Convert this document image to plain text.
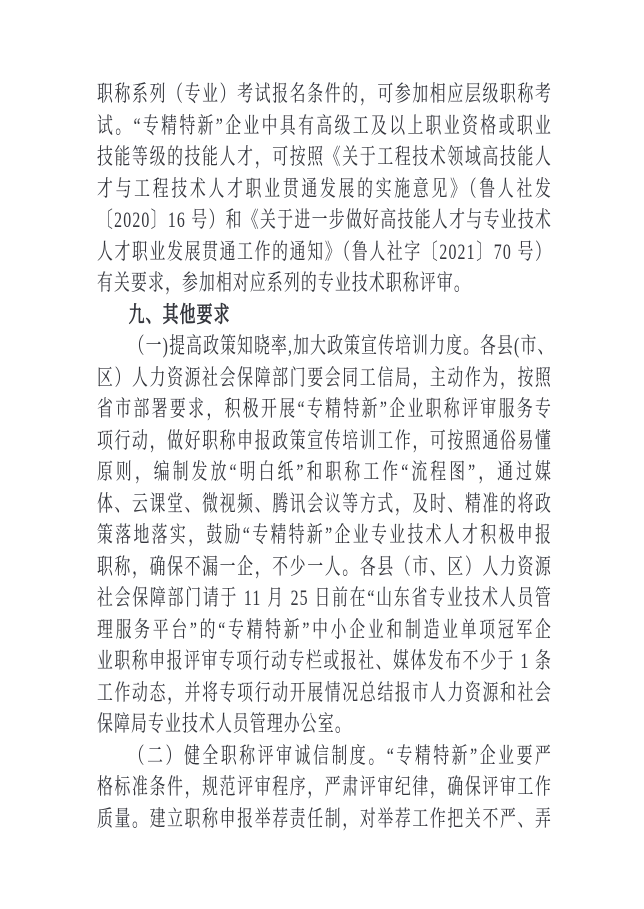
职称系列（专业）考试报名条件的，可参加相应层级职称考
试。“专精特新”企业中具有高级工及以上职业资格或职业
技能等级的技能人才，可按照《关于工程技术领域高技能人
才与工程技术人才职业贯通发展的实施意见》（鲁人社发
〔2020〕16 号）和《关于进一步做好高技能人才与专业技术
人才职业发展贯通工作的通知》（鲁人社字〔2021〕70 号）
有关要求，参加相对应系列的专业技术职称评审。
九、其他要求
（一)提高政策知晓率,加大政策宣传培训力度。各县(市、
区）人力资源社会保障部门要会同工信局，主动作为，按照
省市部署要求，积极开展“专精特新”企业职称评审服务专
项行动，做好职称申报政策宣传培训工作，可按照通俗易懂
原则，编制发放“明白纸”和职称工作“流程图”，通过媒
体、云课堂、微视频、腾讯会议等方式，及时、精准的将政
策落地落实，鼓励“专精特新”企业专业技术人才积极申报
职称，确保不漏一企，不少一人。各县（市、区）人力资源
社会保障部门请于 11 月 25 日前在“山东省专业技术人员管
理服务平台”的“专精特新”中小企业和制造业单项冠军企
业职称申报评审专项行动专栏或报社、媒体发布不少于 1 条
工作动态，并将专项行动开展情况总结报市人力资源和社会
保障局专业技术人员管理办公室。
（二）健全职称评审诚信制度。“专精特新”企业要严
格标准条件，规范评审程序，严肃评审纪律，确保评审工作
质量。建立职称申报举荐责任制，对举荐工作把关不严、弄
